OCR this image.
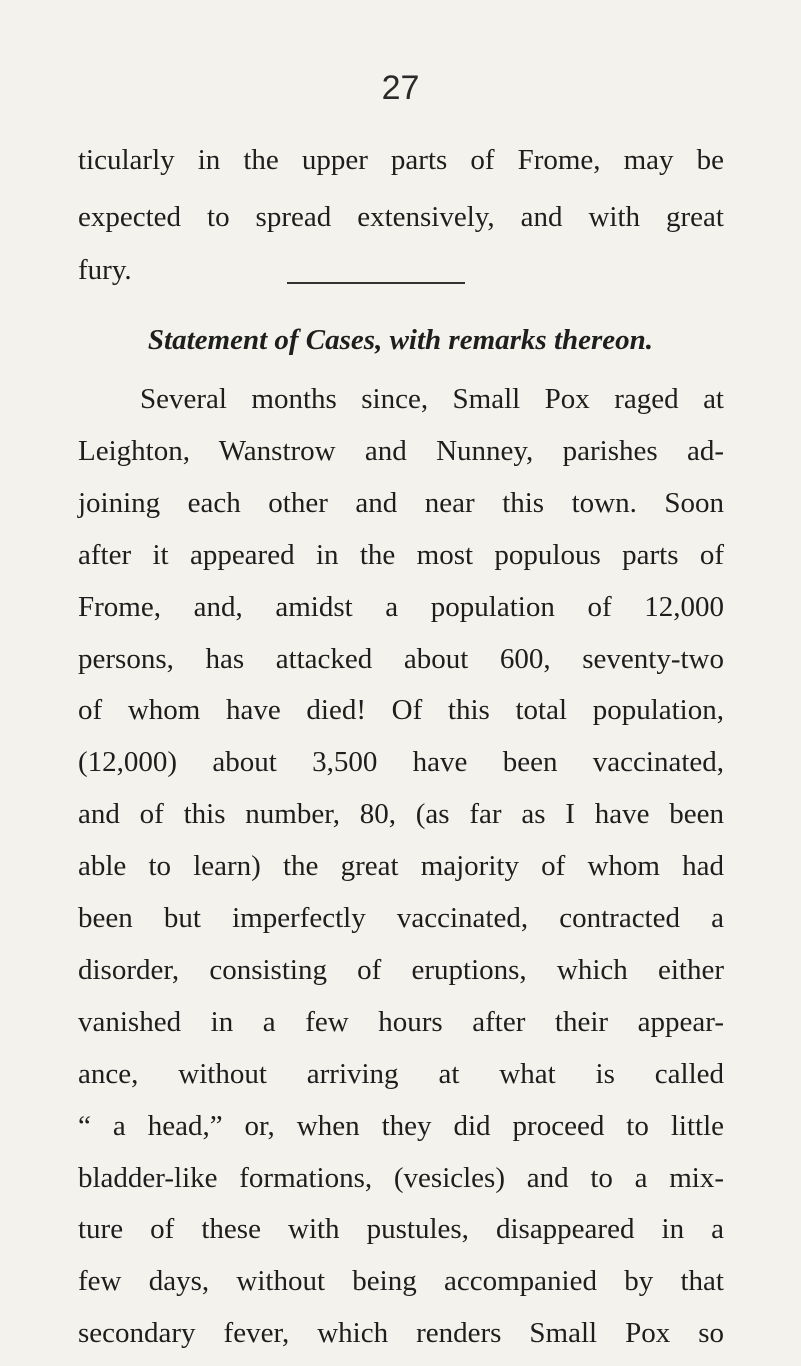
27
ticularly in the upper parts of Frome, may be
expected to spread extensively, and with great
fury.
Statement of Cases, with remarks thereon.
Several months since, Small Pox raged at
Leighton, Wanstrow and Nunney, parishes ad-
joining each other and near this town. Soon
after it appeared in the most populous parts of
Frome, and, amidst a population of 12,000
persons, has attacked about 600, seventy-two
of whom have died! Of this total population,
(12,000) about 3,500 have been vaccinated,
and of this number, 80, (as far as I have been
able to learn) the great majority of whom had
been but imperfectly vaccinated, contracted a
disorder, consisting of eruptions, which either
vanished in a few hours after their appear-
ance, without arriving at what is called
“ a head,” or, when they did proceed to little
bladder-like formations, (vesicles) and to a mix-
ture of these with pustules, disappeared in a
few days, without being accompanied by that
secondary fever, which renders Small Pox so
